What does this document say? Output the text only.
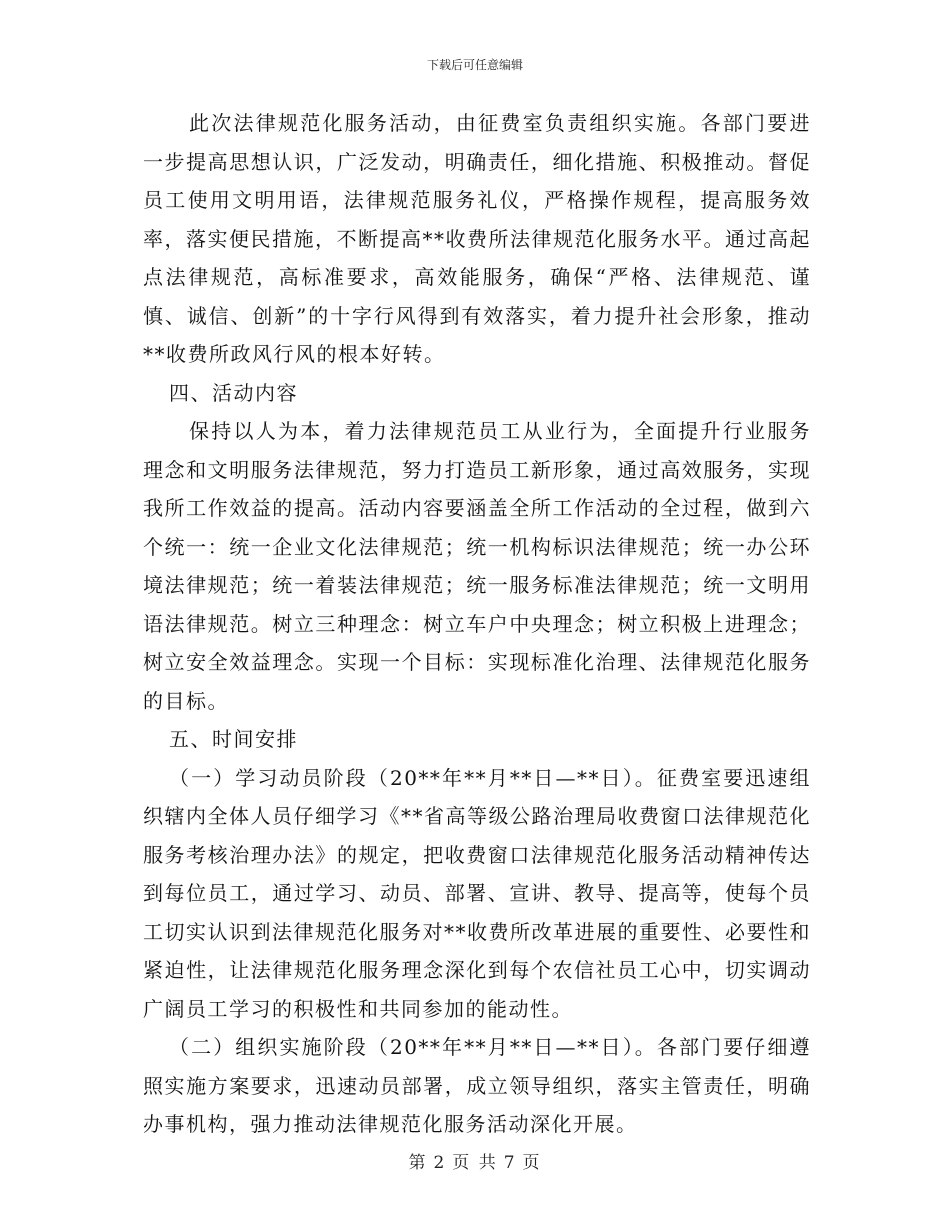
下载后可任意编辑

此次法律规范化服务活动，由征费室负责组织实施。各部门要进一步提高思想认识，广泛发动，明确责任，细化措施、积极推动。督促员工使用文明用语，法律规范服务礼仪，严格操作规程，提高服务效率，落实便民措施，不断提高**收费所法律规范化服务水平。通过高起点法律规范，高标准要求，高效能服务，确保“严格、法律规范、谨慎、诚信、创新”的十字行风得到有效落实，着力提升社会形象，推动**收费所政风行风的根本好转。

四、活动内容

保持以人为本，着力法律规范员工从业行为，全面提升行业服务理念和文明服务法律规范，努力打造员工新形象，通过高效服务，实现我所工作效益的提高。活动内容要涵盖全所工作活动的全过程，做到六个统一：统一企业文化法律规范；统一机构标识法律规范；统一办公环境法律规范；统一着装法律规范；统一服务标准法律规范；统一文明用语法律规范。树立三种理念：树立车户中央理念；树立积极上进理念；树立安全效益理念。实现一个目标：实现标准化治理、法律规范化服务的目标。

五、时间安排

（一）学习动员阶段（20**年**月**日—**日）。征费室要迅速组织辖内全体人员仔细学习《**省高等级公路治理局收费窗口法律规范化服务考核治理办法》的规定，把收费窗口法律规范化服务活动精神传达到每位员工，通过学习、动员、部署、宣讲、教导、提高等，使每个员工切实认识到法律规范化服务对**收费所改革进展的重要性、必要性和紧迫性，让法律规范化服务理念深化到每个农信社员工心中，切实调动广阔员工学习的积极性和共同参加的能动性。

（二）组织实施阶段（20**年**月**日—**日）。各部门要仔细遵照实施方案要求，迅速动员部署，成立领导组织，落实主管责任，明确办事机构，强力推动法律规范化服务活动深化开展。

第 2 页 共 7 页
